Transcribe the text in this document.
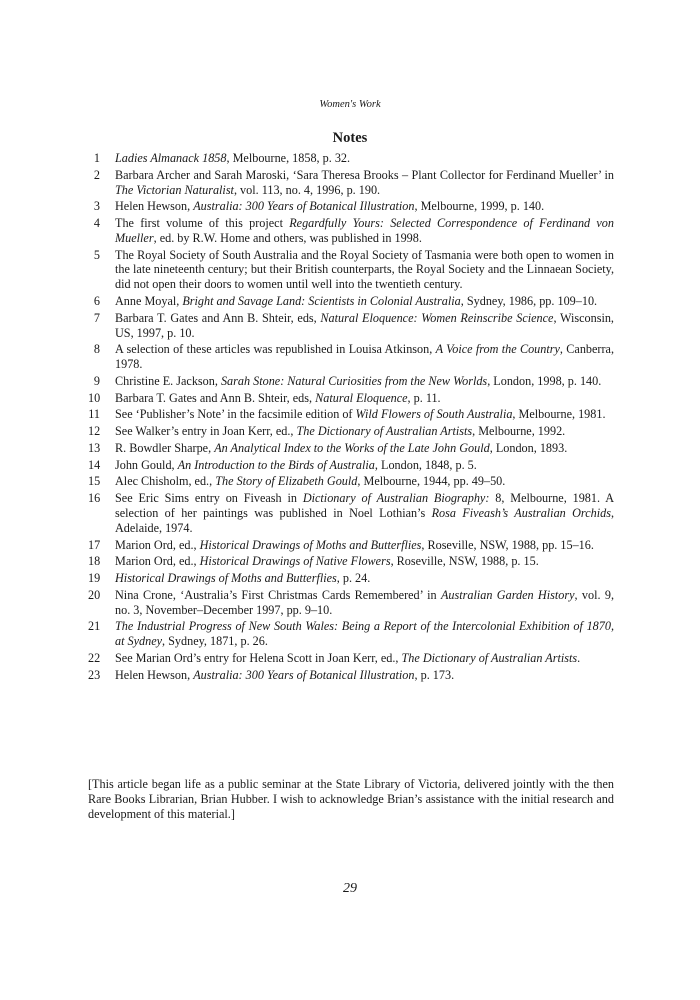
Women's Work
Notes
1 Ladies Almanack 1858, Melbourne, 1858, p. 32.
2 Barbara Archer and Sarah Maroski, ‘Sara Theresa Brooks – Plant Collector for Ferdinand Mueller’ in The Victorian Naturalist, vol. 113, no. 4, 1996, p. 190.
3 Helen Hewson, Australia: 300 Years of Botanical Illustration, Melbourne, 1999, p. 140.
4 The first volume of this project Regardfully Yours: Selected Correspondence of Ferdinand von Mueller, ed. by R.W. Home and others, was published in 1998.
5 The Royal Society of South Australia and the Royal Society of Tasmania were both open to women in the late nineteenth century; but their British counterparts, the Royal Society and the Linnaean Society, did not open their doors to women until well into the twentieth century.
6 Anne Moyal, Bright and Savage Land: Scientists in Colonial Australia, Sydney, 1986, pp. 109–10.
7 Barbara T. Gates and Ann B. Shteir, eds, Natural Eloquence: Women Reinscribe Science, Wisconsin, US, 1997, p. 10.
8 A selection of these articles was republished in Louisa Atkinson, A Voice from the Country, Canberra, 1978.
9 Christine E. Jackson, Sarah Stone: Natural Curiosities from the New Worlds, London, 1998, p. 140.
10 Barbara T. Gates and Ann B. Shteir, eds, Natural Eloquence, p. 11.
11 See ‘Publisher’s Note’ in the facsimile edition of Wild Flowers of South Australia, Melbourne, 1981.
12 See Walker’s entry in Joan Kerr, ed., The Dictionary of Australian Artists, Melbourne, 1992.
13 R. Bowdler Sharpe, An Analytical Index to the Works of the Late John Gould, London, 1893.
14 John Gould, An Introduction to the Birds of Australia, London, 1848, p. 5.
15 Alec Chisholm, ed., The Story of Elizabeth Gould, Melbourne, 1944, pp. 49–50.
16 See Eric Sims entry on Fiveash in Dictionary of Australian Biography: 8, Melbourne, 1981. A selection of her paintings was published in Noel Lothian’s Rosa Fiveash’s Australian Orchids, Adelaide, 1974.
17 Marion Ord, ed., Historical Drawings of Moths and Butterflies, Roseville, NSW, 1988, pp. 15–16.
18 Marion Ord, ed., Historical Drawings of Native Flowers, Roseville, NSW, 1988, p. 15.
19 Historical Drawings of Moths and Butterflies, p. 24.
20 Nina Crone, ‘Australia’s First Christmas Cards Remembered’ in Australian Garden History, vol. 9, no. 3, November–December 1997, pp. 9–10.
21 The Industrial Progress of New South Wales: Being a Report of the Intercolonial Exhibition of 1870, at Sydney, Sydney, 1871, p. 26.
22 See Marian Ord’s entry for Helena Scott in Joan Kerr, ed., The Dictionary of Australian Artists.
23 Helen Hewson, Australia: 300 Years of Botanical Illustration, p. 173.

[This article began life as a public seminar at the State Library of Victoria, delivered jointly with the then Rare Books Librarian, Brian Hubber. I wish to acknowledge Brian’s assistance with the initial research and development of this material.]

29
